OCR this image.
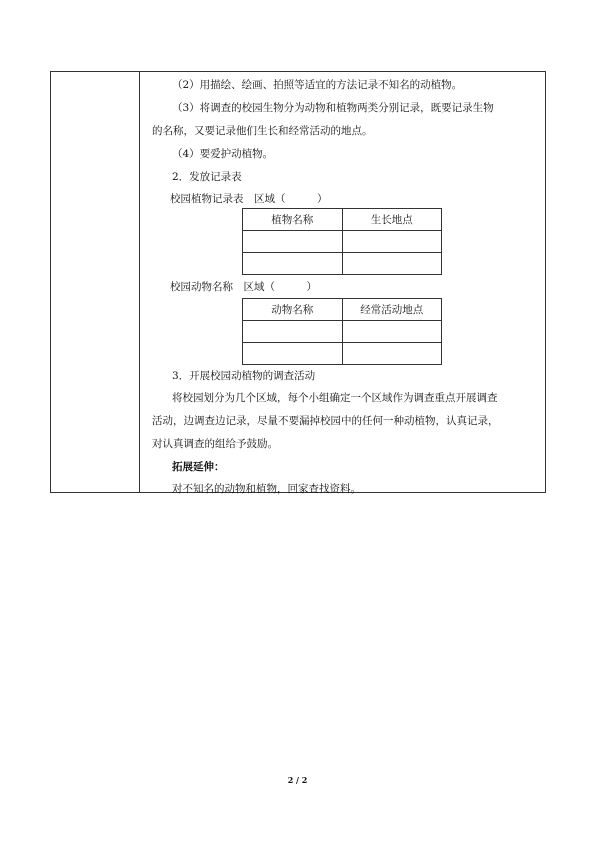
（2）用描绘、绘画、拍照等适宜的方法记录不知名的动植物。
（3）将调查的校园生物分为动物和植物两类分别记录，既要记录生物
的名称，又要记录他们生长和经常活动的地点。
（4）要爱护动植物。
2．发放记录表
校园植物记录表　区域（　　　）
植物名称	生长地点

校园动物名称　区域（　　　）
动物名称	经常活动地点

3．开展校园动植物的调查活动
将校园划分为几个区域，每个小组确定一个区域作为调查重点开展调查
活动，边调查边记录，尽量不要漏掉校园中的任何一种动植物，认真记录，
对认真调查的组给予鼓励。
拓展延伸：
对不知名的动物和植物，回家查找资料。
2 / 2
